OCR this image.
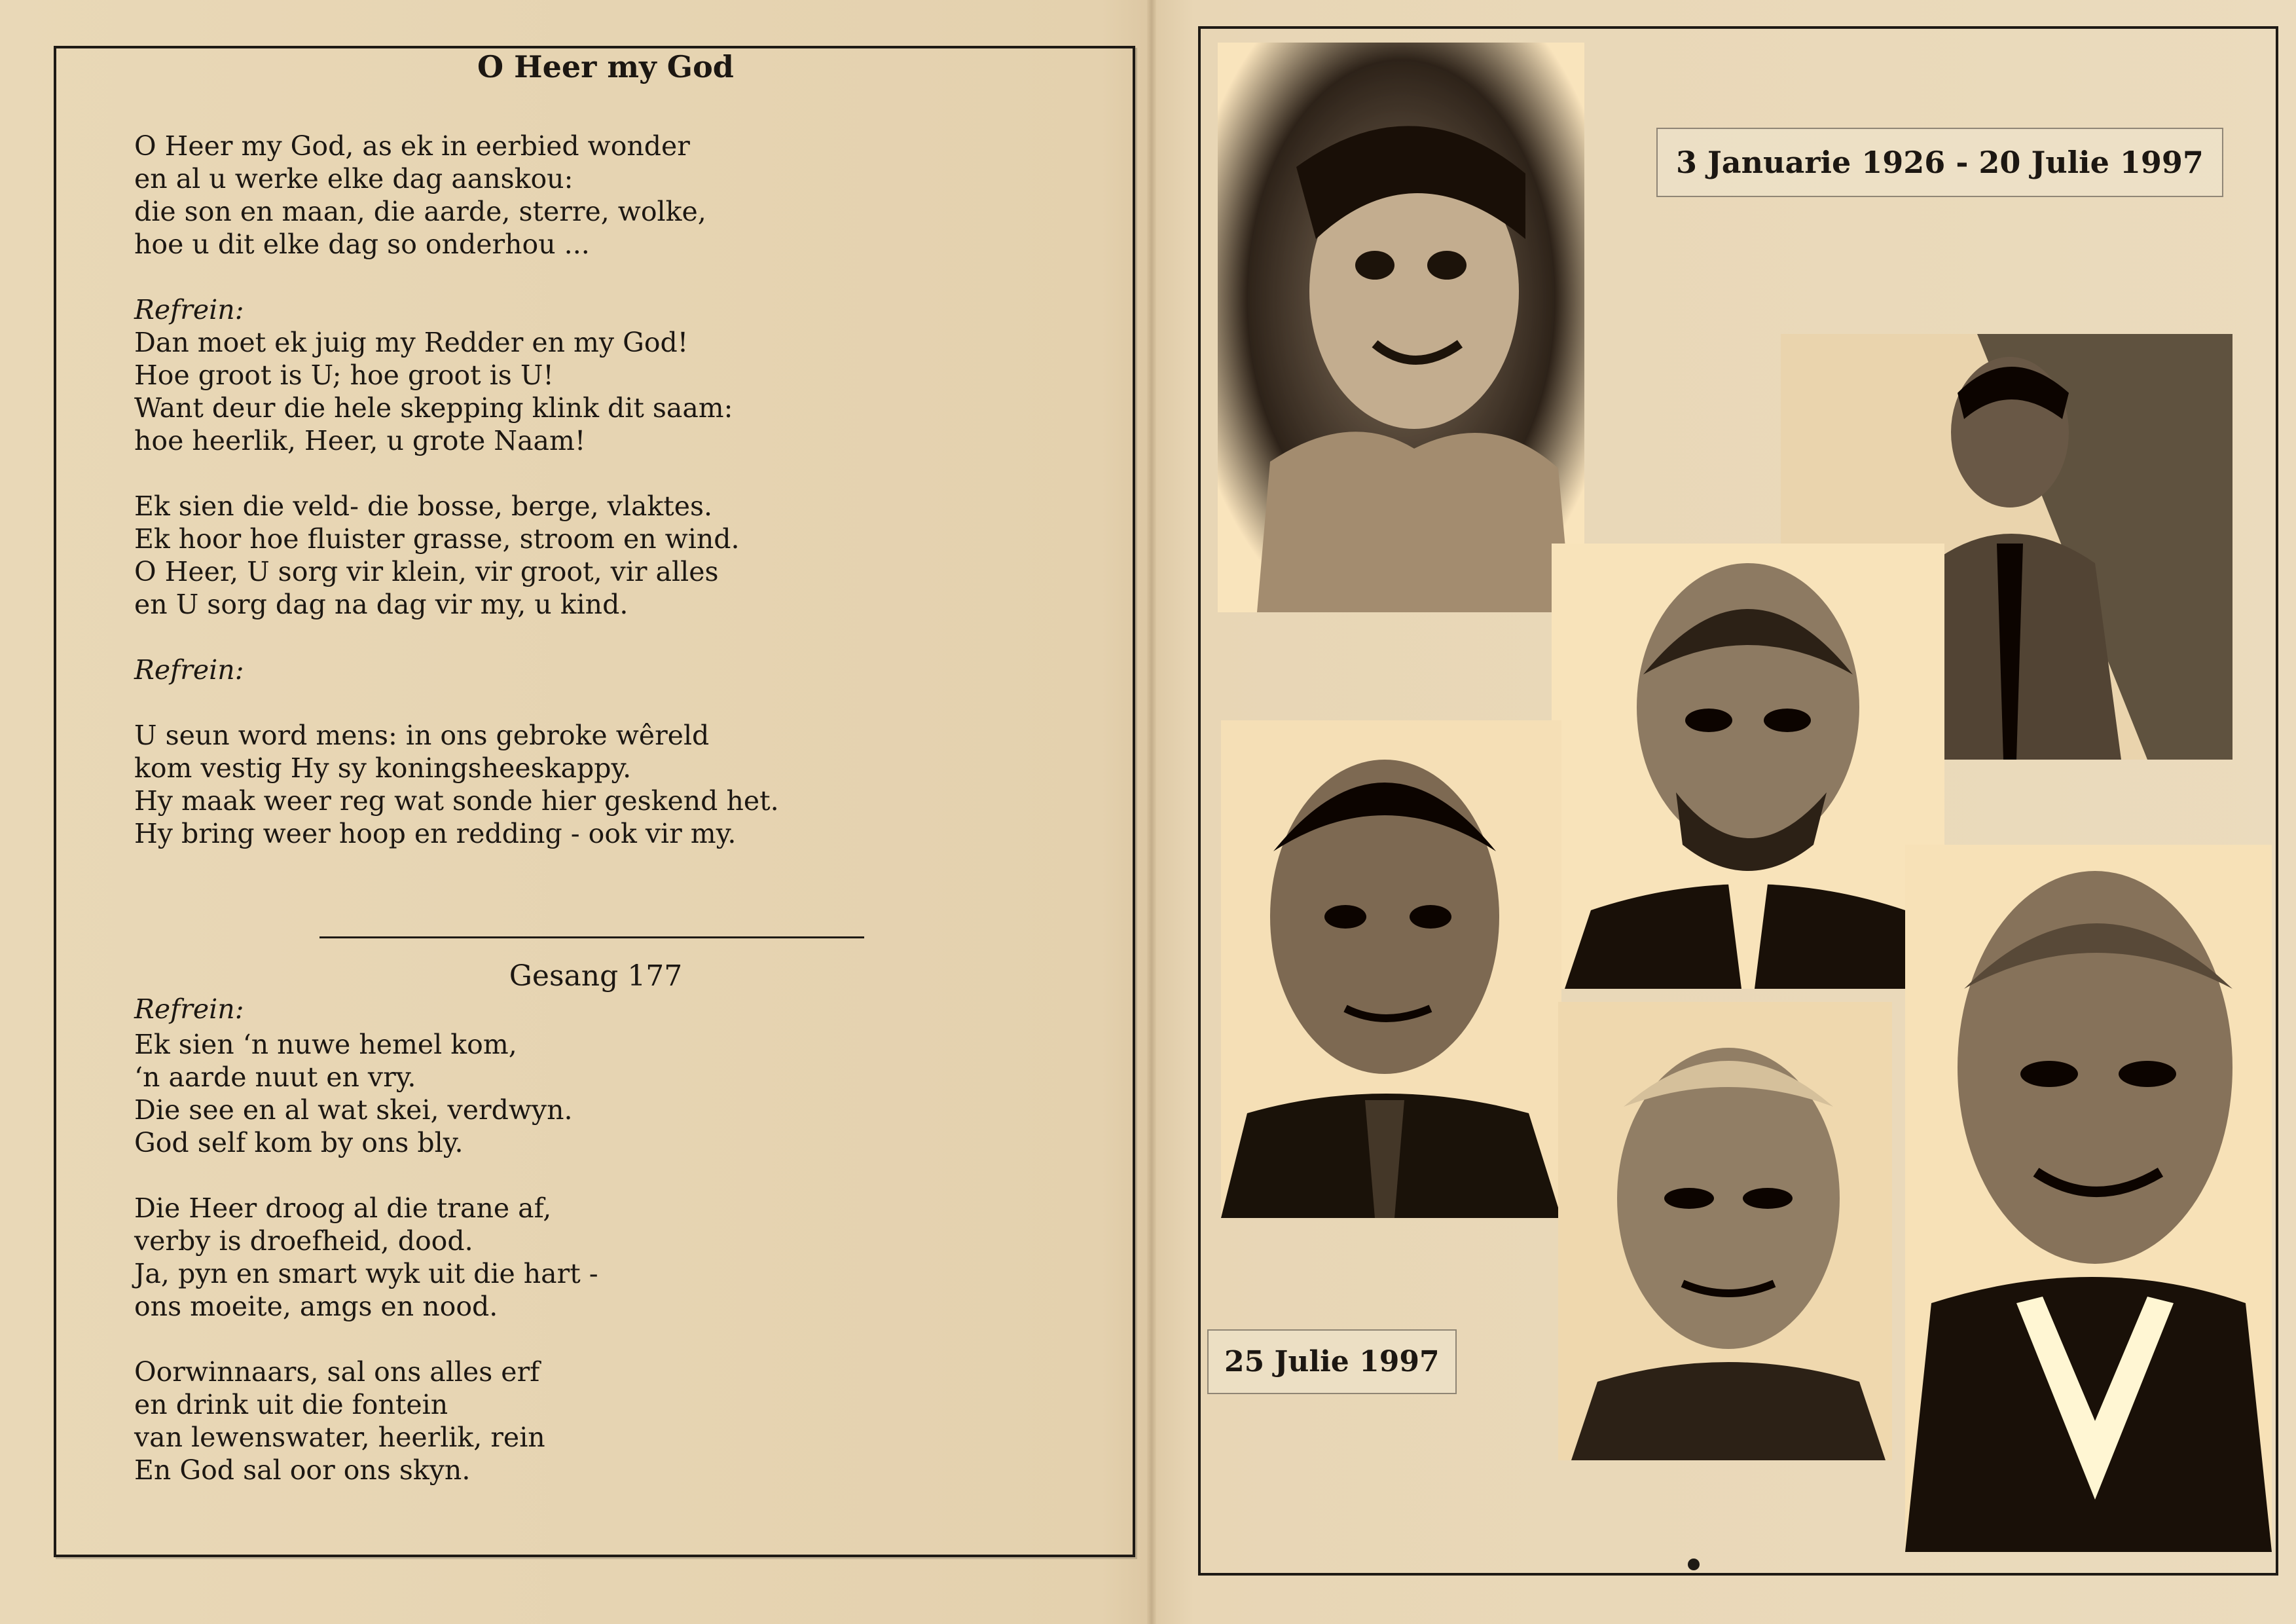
O Heer my God

O Heer my God, as ek in eerbied wonder

en al u werke elke dag aanskou:

die son en maan, die aarde, sterre, wolke,

hoe u dit elke dag so onderhou ...

Refrein:

Dan moet ek juig my Redder en my God!

Hoe groot is U; hoe groot is U!

Want deur die hele skepping klink dit saam:

hoe heerlik, Heer, u grote Naam!

Ek sien die veld- die bosse, berge, vlaktes.

Ek hoor hoe fluister grasse, stroom en wind.

O Heer, U sorg vir klein, vir groot, vir alles

en U sorg dag na dag vir my, u kind.

Refrein:

U seun word mens: in ons gebroke wêreld

kom vestig Hy sy koningsheeskappy.

Hy maak weer reg wat sonde hier geskend het.

Hy bring weer hoop en redding - ook vir my.

Refrein:

Gesang 177

Ek sien ‘n nuwe hemel kom,

‘n aarde nuut en vry.

Die see en al wat skei, verdwyn.

God self kom by ons bly.

Die Heer droog al die trane af,

verby is droefheid, dood.

Ja, pyn en smart wyk uit die hart -

ons moeite, amgs en nood.

Oorwinnaars, sal ons alles erf

en drink uit die fontein

van lewenswater, heerlik, rein

En God sal oor ons skyn.

3 Januarie 1926 - 20 Julie 1997
25 Julie 1997
